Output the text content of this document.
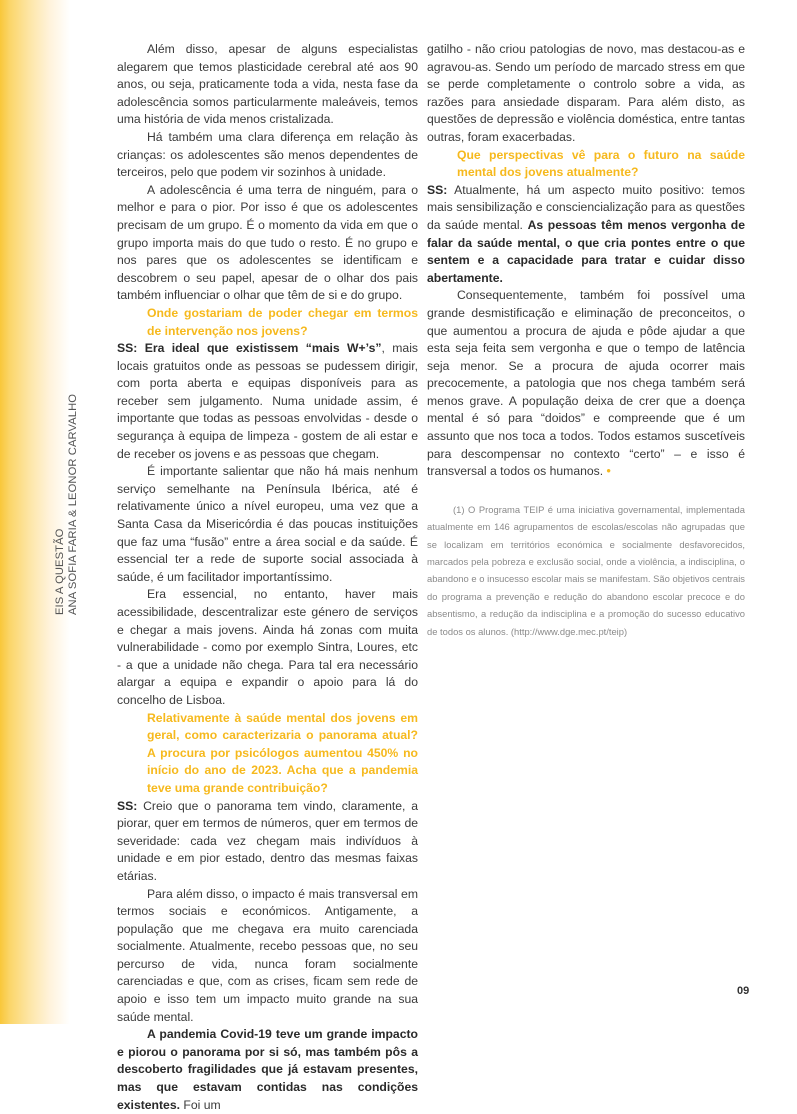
EIS A QUESTÃO ANA SOFIA FARIA & LEONOR CARVALHO

Além disso, apesar de alguns especialistas alegarem que temos plasticidade cerebral até aos 90 anos, ou seja, praticamente toda a vida, nesta fase da adolescência somos particularmente maleáveis, temos uma história de vida menos cristalizada.

Há também uma clara diferença em relação às crianças: os adolescentes são menos dependentes de terceiros, pelo que podem vir sozinhos à unidade.

A adolescência é uma terra de ninguém, para o melhor e para o pior. Por isso é que os adolescentes precisam de um grupo. É o momento da vida em que o grupo importa mais do que tudo o resto. É no grupo e nos pares que os adolescentes se identificam e descobrem o seu papel, apesar de o olhar dos pais também influenciar o olhar que têm de si e do grupo.

Onde gostariam de poder chegar em termos de intervenção nos jovens?

SS: Era ideal que existissem “mais W+’s”, mais locais gratuitos onde as pessoas se pudessem dirigir, com porta aberta e equipas disponíveis para as receber sem julgamento. Numa unidade assim, é importante que todas as pessoas envolvidas - desde o segurança à equipa de limpeza - gostem de ali estar e de receber os jovens e as pessoas que chegam.

É importante salientar que não há mais nenhum serviço semelhante na Península Ibérica, até é relativamente único a nível europeu, uma vez que a Santa Casa da Misericórdia é das poucas instituições que faz uma “fusão” entre a área social e da saúde. É essencial ter a rede de suporte social associada à saúde, é um facilitador importantíssimo.

Era essencial, no entanto, haver mais acessibilidade, descentralizar este género de serviços e chegar a mais jovens. Ainda há zonas com muita vulnerabilidade - como por exemplo Sintra, Loures, etc - a que a unidade não chega. Para tal era necessário alargar a equipa e expandir o apoio para lá do concelho de Lisboa.

Relativamente à saúde mental dos jovens em geral, como caracterizaria o panorama atual? A procura por psicólogos aumentou 450% no início do ano de 2023. Acha que a pandemia teve uma grande contribuição?

SS: Creio que o panorama tem vindo, claramente, a piorar, quer em termos de números, quer em termos de severidade: cada vez chegam mais indivíduos à unidade e em pior estado, dentro das mesmas faixas etárias.

Para além disso, o impacto é mais transversal em termos sociais e económicos. Antigamente, a população que me chegava era muito carenciada socialmente. Atualmente, recebo pessoas que, no seu percurso de vida, nunca foram socialmente carenciadas e que, com as crises, ficam sem rede de apoio e isso tem um impacto muito grande na sua saúde mental.

A pandemia Covid-19 teve um grande impacto e piorou o panorama por si só, mas também pôs a descoberto fragilidades que já estavam presentes, mas que estavam contidas nas condições existentes. Foi um

gatilho - não criou patologias de novo, mas destacou-as e agravou-as. Sendo um período de marcado stress em que se perde completamente o controlo sobre a vida, as razões para ansiedade disparam. Para além disto, as questões de depressão e violência doméstica, entre tantas outras, foram exacerbadas.

Que perspectivas vê para o futuro na saúde mental dos jovens atualmente?

SS: Atualmente, há um aspecto muito positivo: temos mais sensibilização e consciencialização para as questões da saúde mental. As pessoas têm menos vergonha de falar da saúde mental, o que cria pontes entre o que sentem e a capacidade para tratar e cuidar disso abertamente.

Consequentemente, também foi possível uma grande desmistificação e eliminação de preconceitos, o que aumentou a procura de ajuda e pôde ajudar a que esta seja feita sem vergonha e que o tempo de latência seja menor. Se a procura de ajuda ocorrer mais precocemente, a patologia que nos chega também será menos grave. A população deixa de crer que a doença mental é só para “doidos” e compreende que é um assunto que nos toca a todos. Todos estamos suscetíveis para descompensar no contexto “certo” – e isso é transversal a todos os humanos. •

(1) O Programa TEIP é uma iniciativa governamental, implementada atualmente em 146 agrupamentos de escolas/escolas não agrupadas que se localizam em territórios económica e socialmente desfavorecidos, marcados pela pobreza e exclusão social, onde a violência, a indisciplina, o abandono e o insucesso escolar mais se manifestam. São objetivos centrais do programa a prevenção e redução do abandono escolar precoce e do absentismo, a redução da indisciplina e a promoção do sucesso educativo de todos os alunos. (http://www.dge.mec.pt/teip)

09
